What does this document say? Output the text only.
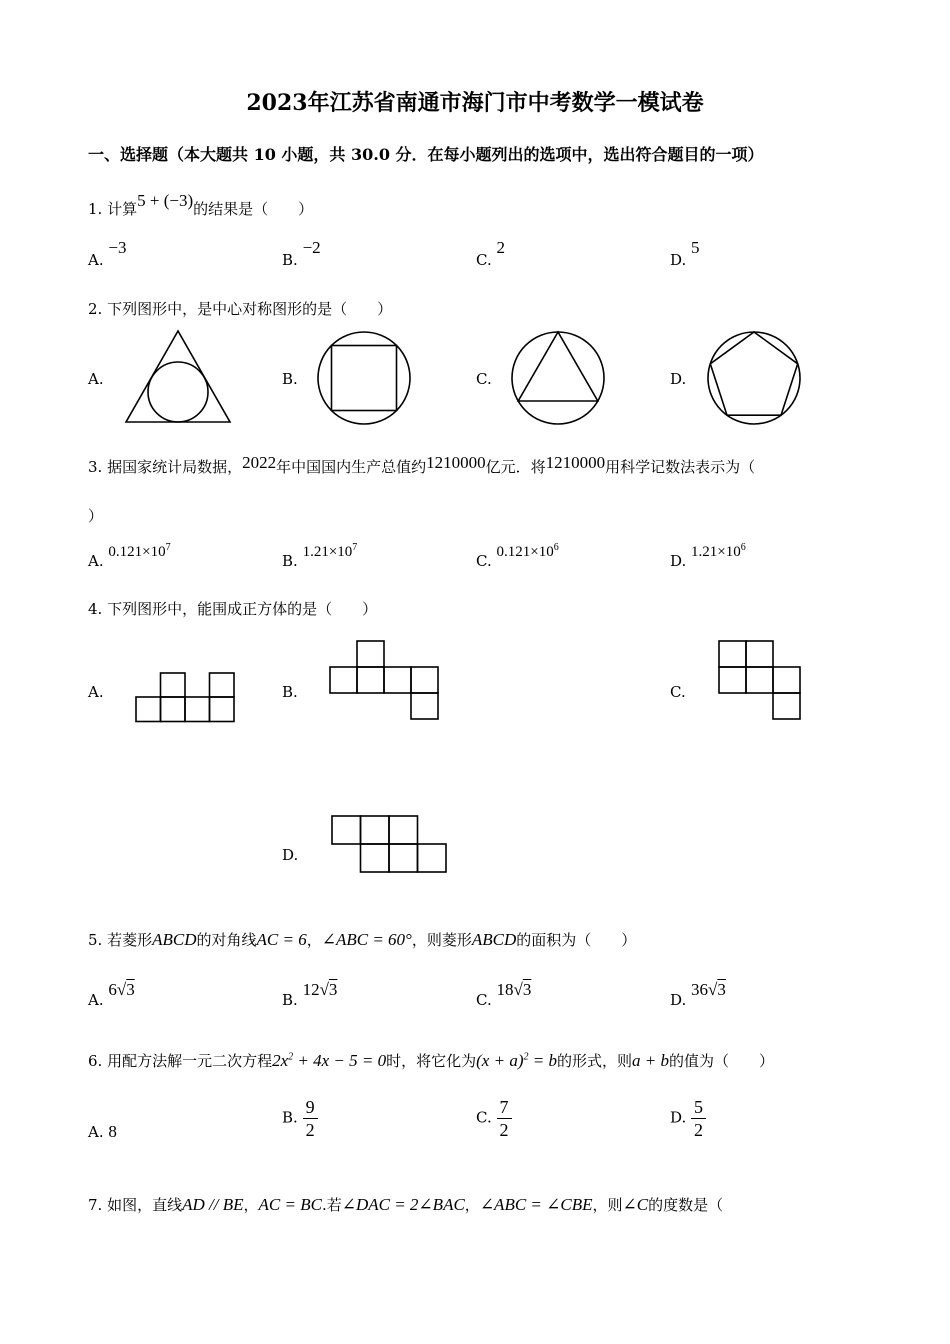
2023年江苏省南通市海门市中考数学一模试卷
一、选择题（本大题共 10 小题，共 30.0 分．在每小题列出的选项中，选出符合题目的一项）
1. 计算5 + (−3)的结果是（　　）
A. −3
B. −2
C. 2
D. 5
2. 下列图形中，是中心对称图形的是（　　）
A.	B.	C.	D.
3. 据国家统计局数据，2022年中国国内生产总值约1210000亿元．将1210000用科学记数法表示为（
）
A. $0.121\times 10^7$
B. $1.21\times 10^7$
C. $0.121\times 10^6$
D. $1.21\times 10^6$
4. 下列图形中，能围成正方体的是（　　）
A.	B.	C.
D.
5. 若菱形ABCD的对角线AC = 6，∠ABC = 60°，则菱形ABCD的面积为（　　）
A. 6√3
B. 12√3
C. 18√3
D. 36√3
6. 用配方法解一元二次方程$2x^2 + 4x - 5 = 0$时，将它化为$(x + a)^2 = b$的形式，则a + b的值为（　　）
A. 8
B. $\frac{9}{2}$	C. $\frac{7}{2}$	D. $\frac{5}{2}$
7. 如图，直线AD // BE，AC = BC.若∠DAC = 2∠BAC，∠ABC = ∠CBE，则∠C的度数是（
